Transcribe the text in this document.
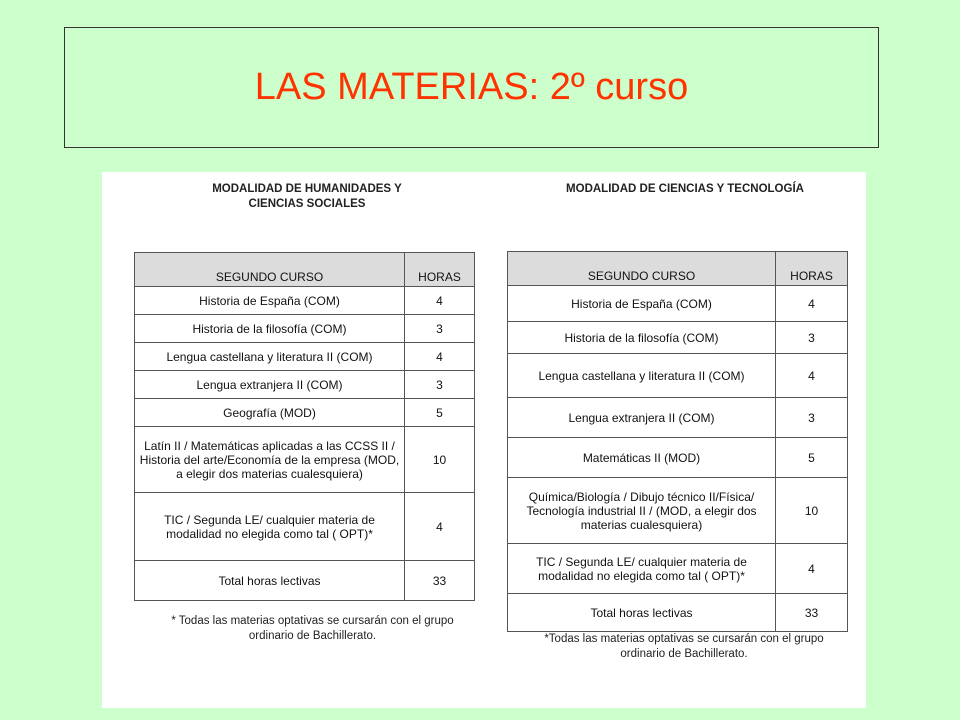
LAS MATERIAS: 2º curso
MODALIDAD DE HUMANIDADES Y
CIENCIAS SOCIALES
SEGUNDO CURSO	HORAS
Historia de España (COM)	4
Historia de la filosofía (COM)	3
Lengua castellana y literatura II (COM)	4
Lengua extranjera II (COM)	3
Geografía (MOD)	5
Latín II / Matemáticas aplicadas a las CCSS II / Historia del arte/Economía de la empresa (MOD, a elegir dos materias cualesquiera)	10
TIC / Segunda LE/ cualquier materia de modalidad no elegida como tal ( OPT)*	4
Total horas lectivas	33
* Todas las materias optativas se cursarán con el grupo
ordinario de Bachillerato.
MODALIDAD DE CIENCIAS Y TECNOLOGÍA
SEGUNDO CURSO	HORAS
Historia de España (COM)	4
Historia de la filosofía (COM)	3
Lengua castellana y literatura II (COM)	4
Lengua extranjera II (COM)	3
Matemáticas II (MOD)	5
Química/Biología / Dibujo técnico II/Física/ Tecnología industrial II / (MOD, a elegir dos materias cualesquiera)	10
TIC / Segunda LE/ cualquier materia de modalidad no elegida como tal ( OPT)*	4
Total horas lectivas	33
*Todas las materias optativas se cursarán con el grupo
ordinario de Bachillerato.
